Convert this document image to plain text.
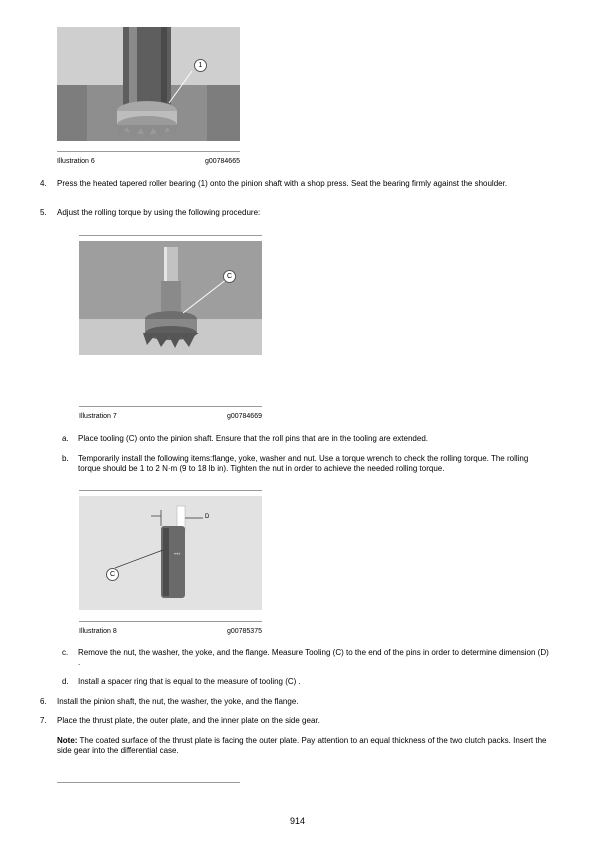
1
Illustration 6	g00784665
4. Press the heated tapered roller bearing (1) onto the pinion shaft with a shop press. Seat the bearing firmly against the shoulder.
5. Adjust the rolling torque by using the following procedure:
C
Illustration 7	g00784669
a. Place tooling (C) onto the pinion shaft. Ensure that the roll pins that are in the tooling are extended.
b. Temporarily install the following items:flange, yoke, washer and nut. Use a torque wrench to check the rolling torque. The rolling torque should be 1 to 2 N·m (9 to 18 lb in). Tighten the nut in order to achieve the needed rolling torque.
•••
D
C
Illustration 8	g00785375
c. Remove the nut, the washer, the yoke, and the flange. Measure Tooling (C) to the end of the pins in order to determine dimension (D) .
d. Install a spacer ring that is equal to the measure of tooling (C) .
6. Install the pinion shaft, the nut, the washer, the yoke, and the flange.
7. Place the thrust plate, the outer plate, and the inner plate on the side gear.
Note: The coated surface of the thrust plate is facing the outer plate. Pay attention to an equal thickness of the two clutch packs. Insert the side gear into the differential case.
914
